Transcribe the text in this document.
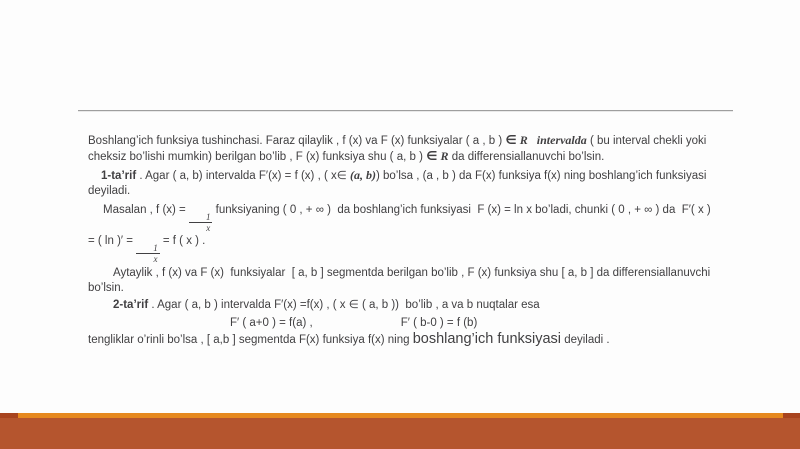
Boshlang’ich funksiya tushinchasi. Faraz qilaylik , f (x) va F (x) funksiyalar ( a , b ) ∈ R   intervalda ( bu interval chekli yoki cheksiz bo’lishi mumkin) berilgan bo’lib , F (x) funksiya shu ( a, b ) ∈ R da differensiallanuvchi bo’lsin.

1-ta’rif . Agar ( a, b) intervalda F′(x) = f (x) , ( x∈ (a, b)) bo’lsa , (a , b ) da F(x) funksiya f(x) ning boshlang’ich funksiyasi deyiladi.

Masalan , f (x) =
$\frac{1}{x}$
funksiyaning ( 0 , + ∞ )  da boshlang’ich funksiyasi  F (x) = ln x bo’ladi, chunki ( 0 , + ∞ ) da  F′( x ) = ( ln )′ =
$\frac{1}{x}$
= f ( x ) .

Aytaylik , f (x) va F (x)  funksiyalar  [ a, b ] segmentda berilgan bo’lib , F (x) funksiya shu [ a, b ] da differensiallanuvchi bo’lsin.

2-ta’rif . Agar ( a, b ) intervalda F′(x) =f(x) , ( x ∈ ( a, b ))  bo’lib , a va b nuqtalar esa

F′ ( a+0 ) = f(a) ,	F′ ( b-0 ) = f (b)

tengliklar o’rinli bo’lsa , [ a,b ] segmentda F(x) funksiya f(x) ning boshlang’ich funksiyasi deyiladi .
